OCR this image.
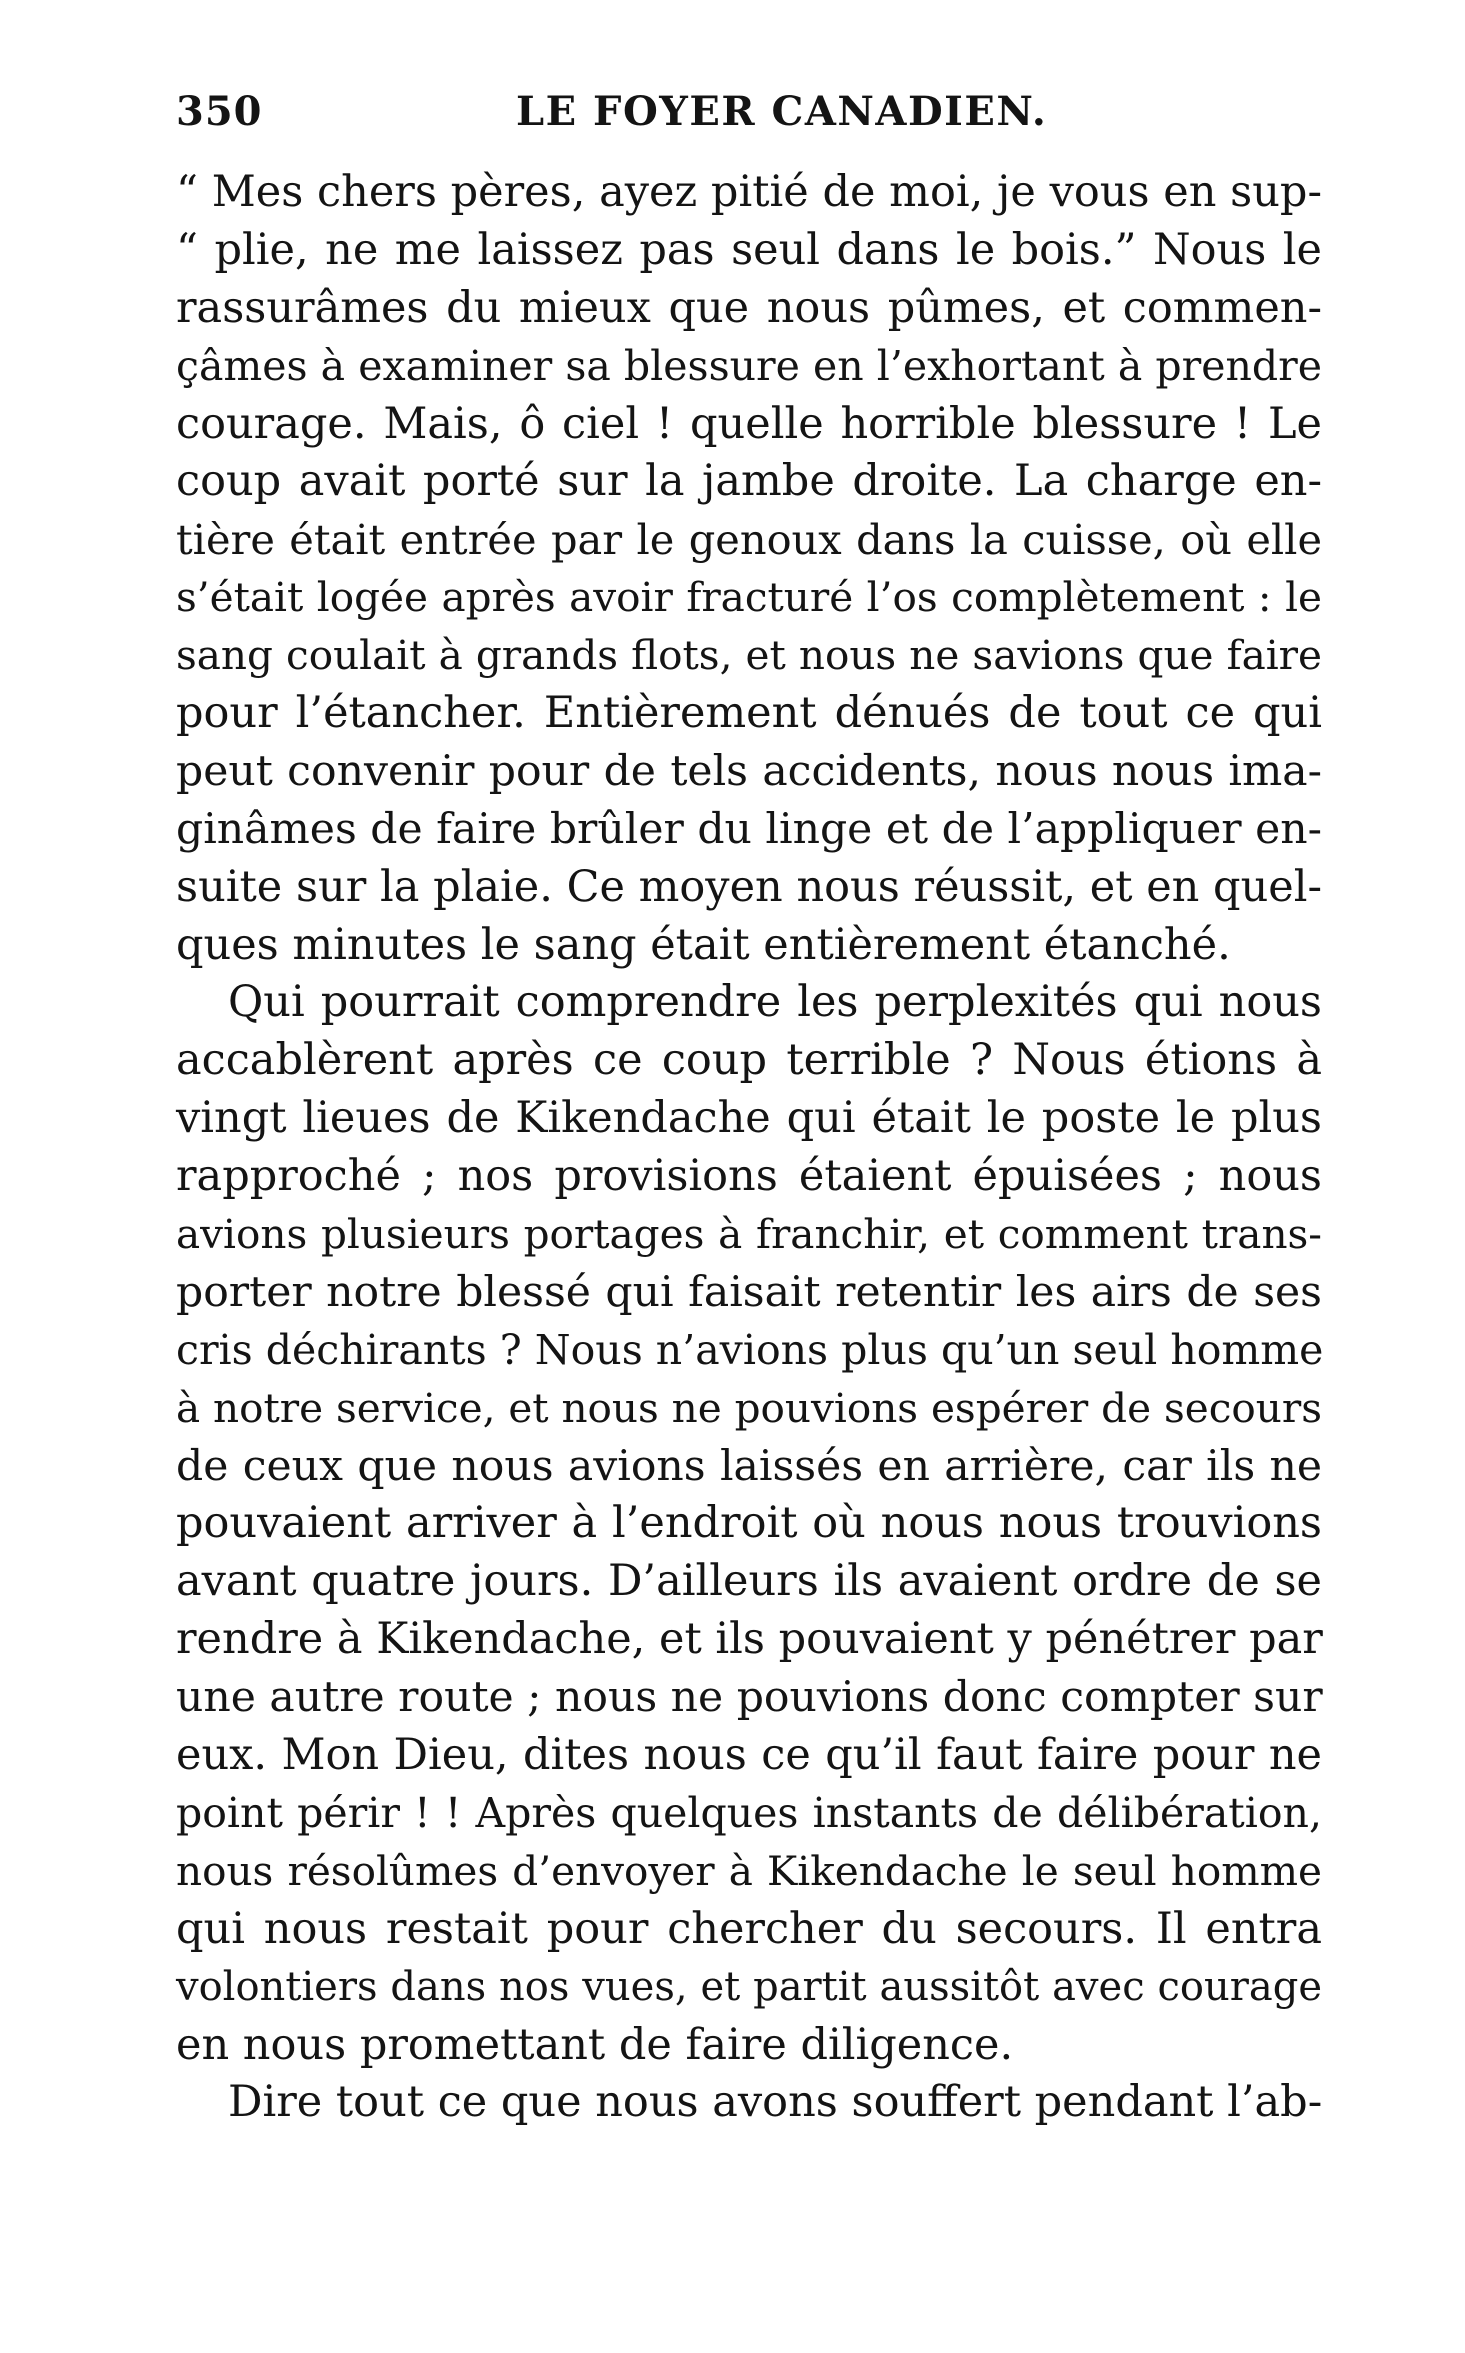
350	LE FOYER CANADIEN.
“ Mes chers pères, ayez pitié de moi, je vous en sup-
“ plie, ne me laissez pas seul dans le bois.” Nous le
rassurâmes du mieux que nous pûmes, et commen-
çâmes à examiner sa blessure en l’exhortant à prendre
courage. Mais, ô ciel ! quelle horrible blessure ! Le
coup avait porté sur la jambe droite. La charge en-
tière était entrée par le genoux dans la cuisse, où elle
s’était logée après avoir fracturé l’os complètement : le
sang coulait à grands flots, et nous ne savions que faire
pour l’étancher. Entièrement dénués de tout ce qui
peut convenir pour de tels accidents, nous nous ima-
ginâmes de faire brûler du linge et de l’appliquer en-
suite sur la plaie. Ce moyen nous réussit, et en quel-
ques minutes le sang était entièrement étanché.
Qui pourrait comprendre les perplexités qui nous
accablèrent après ce coup terrible ? Nous étions à
vingt lieues de Kikendache qui était le poste le plus
rapproché ; nos provisions étaient épuisées ; nous
avions plusieurs portages à franchir, et comment trans-
porter notre blessé qui faisait retentir les airs de ses
cris déchirants ? Nous n’avions plus qu’un seul homme
à notre service, et nous ne pouvions espérer de secours
de ceux que nous avions laissés en arrière, car ils ne
pouvaient arriver à l’endroit où nous nous trouvions
avant quatre jours. D’ailleurs ils avaient ordre de se
rendre à Kikendache, et ils pouvaient y pénétrer par
une autre route ; nous ne pouvions donc compter sur
eux. Mon Dieu, dites nous ce qu’il faut faire pour ne
point périr ! ! Après quelques instants de délibération,
nous résolûmes d’envoyer à Kikendache le seul homme
qui nous restait pour chercher du secours. Il entra
volontiers dans nos vues, et partit aussitôt avec courage
en nous promettant de faire diligence.
Dire tout ce que nous avons souffert pendant l’ab-
